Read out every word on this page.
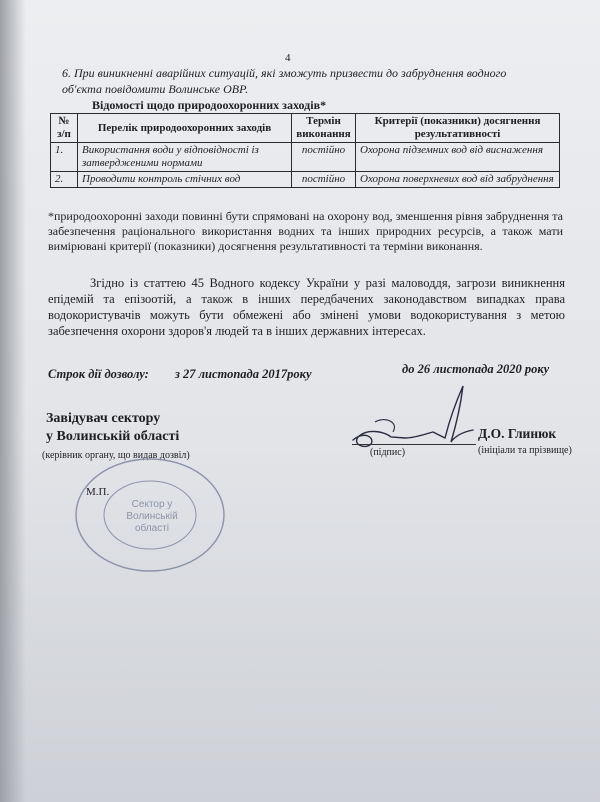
4
6. При виникненні аварійних ситуацій, які зможуть призвести до забруднення водного
об'єкта повідомити Волинське ОВР.
Відомості щодо природоохоронних заходів*
№ з/п	Перелік природоохоронних заходів	Термін виконання	Критерії (показники) досягнення результативності
1.	Використання води у відповідності із затвердженими нормами	постійно	Охорона підземних вод від виснаження
2.	Проводити контроль стічних вод	постійно	Охорона поверхневих вод від забруднення
*природоохоронні заходи повинні бути спрямовані на охорону вод, зменшення рівня забруднення та забезпечення раціонального використання водних та інших природних ресурсів, а також мати вимірювані критерії (показники) досягнення результативності та терміни виконання.
Згідно із статтею 45 Водного кодексу України у разі маловоддя, загрози виникнення епідемій та епізоотій, а також в інших передбачених законодавством випадках права водокористувачів можуть бути обмежені або змінені умови водокористування з метою забезпечення охорони здоров'я людей та в інших державних інтересах.
Строк дії дозволу: з 27 листопада 2017року	до 26 листопада 2020 року
Завідувач сектору
у Волинській області
(керівник органу, що видав дозвіл)
Д.О. Глинюк
(підпис)	(ініціали та прізвище)
Сектор у
Волинській
області
М.П.
